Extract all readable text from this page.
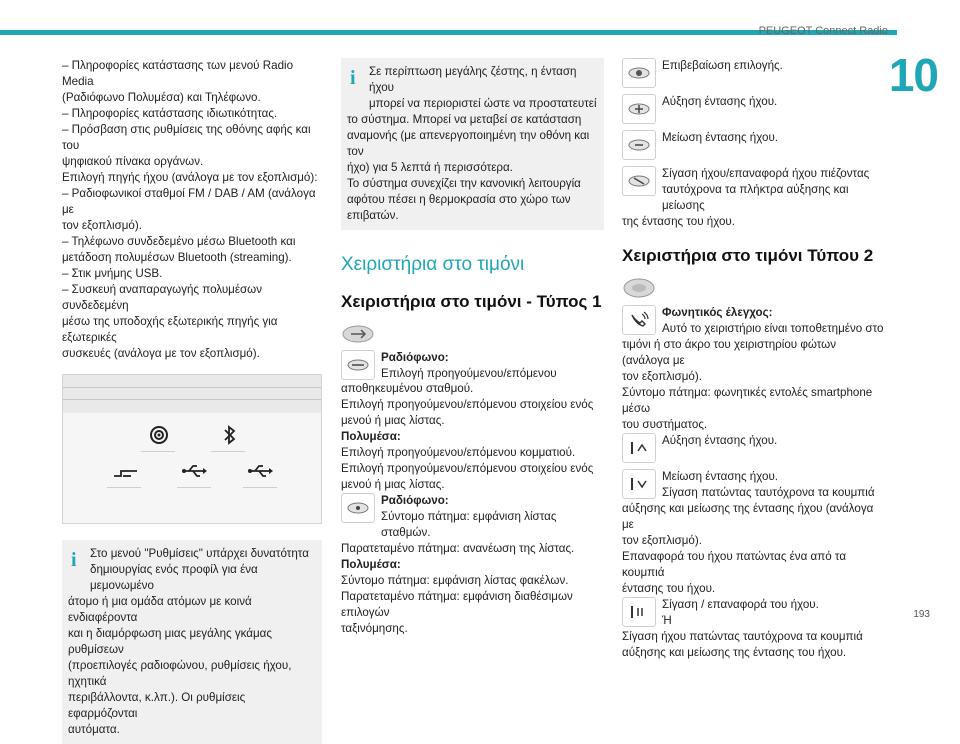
PEUGEOT Connect Radio
10
193

– Πληροφορίες κατάστασης των μενού Radio Media

(Ραδιόφωνο Πολυμέσα) και Τηλέφωνο.

– Πληροφορίες κατάστασης ιδιωτικότητας.

– Πρόσβαση στις ρυθμίσεις της οθόνης αφής και του

ψηφιακού πίνακα οργάνων.

Επιλογή πηγής ήχου (ανάλογα με τον εξοπλισμό):

– Ραδιοφωνικοί σταθμοί FM / DAB / AM (ανάλογα με

τον εξοπλισμό).

– Τηλέφωνο συνδεδεμένο μέσω Bluetooth και

μετάδοση πολυμέσων Bluetooth (streaming).

– Στικ μνήμης USB.

– Συσκευή αναπαραγωγής πολυμέσων συνδεδεμένη

μέσω της υποδοχής εξωτερικής πηγής για εξωτερικές

συσκευές (ανάλογα με τον εξοπλισμό).

i Στο μενού "Ρυθμίσεις" υπάρχει δυνατότητα

δημιουργίας ενός προφίλ για ένα μεμονωμένο

άτομο ή μια ομάδα ατόμων με κοινά ενδιαφέροντα

και η διαμόρφωση μιας μεγάλης γκάμας ρυθμίσεων

(προεπιλογές ραδιοφώνου, ρυθμίσεις ήχου, ηχητικά

περιβάλλοντα, κ.λπ.). Οι ρυθμίσεις εφαρμόζονται

αυτόματα.

i Σε περίπτωση μεγάλης ζέστης, η ένταση ήχου

μπορεί να περιοριστεί ώστε να προστατευτεί

το σύστημα. Μπορεί να μεταβεί σε κατάσταση

αναμονής (με απενεργοποιημένη την οθόνη και τον

ήχο) για 5 λεπτά ή περισσότερα.

Το σύστημα συνεχίζει την κανονική λειτουργία

αφότου πέσει η θερμοκρασία στο χώρο των

επιβατών.

Χειριστήρια στο τιμόνι
Χειριστήρια στο τιμόνι - Τύπος 1

Ραδιόφωνο:

Επιλογή προηγούμενου/επόμενου

αποθηκευμένου σταθμού.

Επιλογή προηγούμενου/επόμενου στοιχείου ενός

μενού ή μιας λίστας.

Πολυμέσα:

Επιλογή προηγούμενου/επόμενου κομματιού.

Επιλογή προηγούμενου/επόμενου στοιχείου ενός

μενού ή μιας λίστας.

Ραδιόφωνο:

Σύντομο πάτημα: εμφάνιση λίστας σταθμών.

Παρατεταμένο πάτημα: ανανέωση της λίστας.

Πολυμέσα:

Σύντομο πάτημα: εμφάνιση λίστας φακέλων.

Παρατεταμένο πάτημα: εμφάνιση διαθέσιμων επιλογών

ταξινόμησης.

Επιβεβαίωση επιλογής.

Αύξηση έντασης ήχου.

Μείωση έντασης ήχου.

Σίγαση ήχου/επαναφορά ήχου πιέζοντας

ταυτόχρονα τα πλήκτρα αύξησης και μείωσης

της έντασης του ήχου.

Χειριστήρια στο τιμόνι Τύπου 2

Φωνητικός έλεγχος:

Αυτό το χειριστήριο είναι τοποθετημένο στο

τιμόνι ή στο άκρο του χειριστηρίου φώτων (ανάλογα με

τον εξοπλισμό).

Σύντομο πάτημα: φωνητικές εντολές smartphone μέσω

του συστήματος.

Αύξηση έντασης ήχου.

Μείωση έντασης ήχου.

Σίγαση πατώντας ταυτόχρονα τα κουμπιά

αύξησης και μείωσης της έντασης ήχου (ανάλογα με

τον εξοπλισμό).

Επαναφορά του ήχου πατώντας ένα από τα κουμπιά

έντασης του ήχου.

Σίγαση / επαναφορά του ήχου.

Ή

Σίγαση ήχου πατώντας ταυτόχρονα τα κουμπιά

αύξησης και μείωσης της έντασης του ήχου.
